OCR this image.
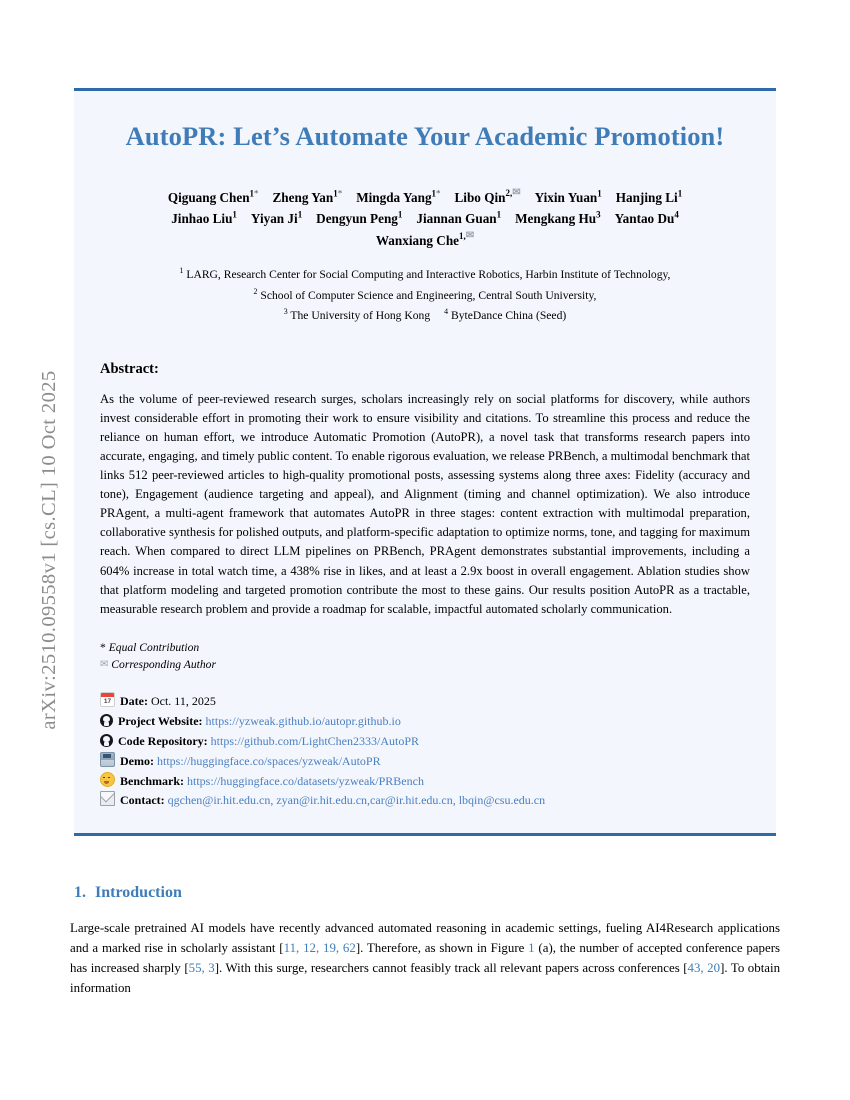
arXiv:2510.09558v1 [cs.CL] 10 Oct 2025
AutoPR: Let’s Automate Your Academic Promotion!
Qiguang Chen$^{1*}$ Zheng Yan$^{1*}$ Mingda Yang$^{1*}$ Libo Qin$^{2,✉}$ Yixin Yuan$^1$ Hanjing Li$^1$
Jinhao Liu$^1$ Yiyan Ji$^1$ Dengyun Peng$^1$ Jiannan Guan$^1$ Mengkang Hu$^3$ Yantao Du$^4$
Wanxiang Che$^{1,✉}$
$^1$ LARG, Research Center for Social Computing and Interactive Robotics, Harbin Institute of Technology,
$^2$ School of Computer Science and Engineering, Central South University,
$^3$ The University of Hong Kong $^4$ ByteDance China (Seed)
Abstract:
As the volume of peer-reviewed research surges, scholars increasingly rely on social platforms for discovery, while authors invest considerable effort in promoting their work to ensure visibility and citations. To streamline this process and reduce the reliance on human effort, we introduce Automatic Promotion (AutoPR), a novel task that transforms research papers into accurate, engaging, and timely public content. To enable rigorous evaluation, we release PRBench, a multimodal benchmark that links 512 peer-reviewed articles to high-quality promotional posts, assessing systems along three axes: Fidelity (accuracy and tone), Engagement (audience targeting and appeal), and Alignment (timing and channel optimization). We also introduce PRAgent, a multi-agent framework that automates AutoPR in three stages: content extraction with multimodal preparation, collaborative synthesis for polished outputs, and platform-specific adaptation to optimize norms, tone, and tagging for maximum reach. When compared to direct LLM pipelines on PRBench, PRAgent demonstrates substantial improvements, including a 604% increase in total watch time, a 438% rise in likes, and at least a 2.9x boost in overall engagement. Ablation studies show that platform modeling and targeted promotion contribute the most to these gains. Our results position AutoPR as a tractable, measurable research problem and provide a roadmap for scalable, impactful automated scholarly communication.
* Equal Contribution
✉ Corresponding Author
17Date: Oct. 11, 2025
Project Website: https://yzweak.github.io/autopr.github.io
Code Repository: https://github.com/LightChen2333/AutoPR
Demo: https://huggingface.co/spaces/yzweak/AutoPR
Benchmark: https://huggingface.co/datasets/yzweak/PRBench
Contact: qgchen@ir.hit.edu.cn, zyan@ir.hit.edu.cn,car@ir.hit.edu.cn, lbqin@csu.edu.cn
1. Introduction
Large-scale pretrained AI models have recently advanced automated reasoning in academic settings, fueling AI4Research applications and a marked rise in scholarly assistant [11, 12, 19, 62]. Therefore, as shown in Figure 1 (a), the number of accepted conference papers has increased sharply [55, 3]. With this surge, researchers cannot feasibly track all relevant papers across conferences [43, 20]. To obtain information
